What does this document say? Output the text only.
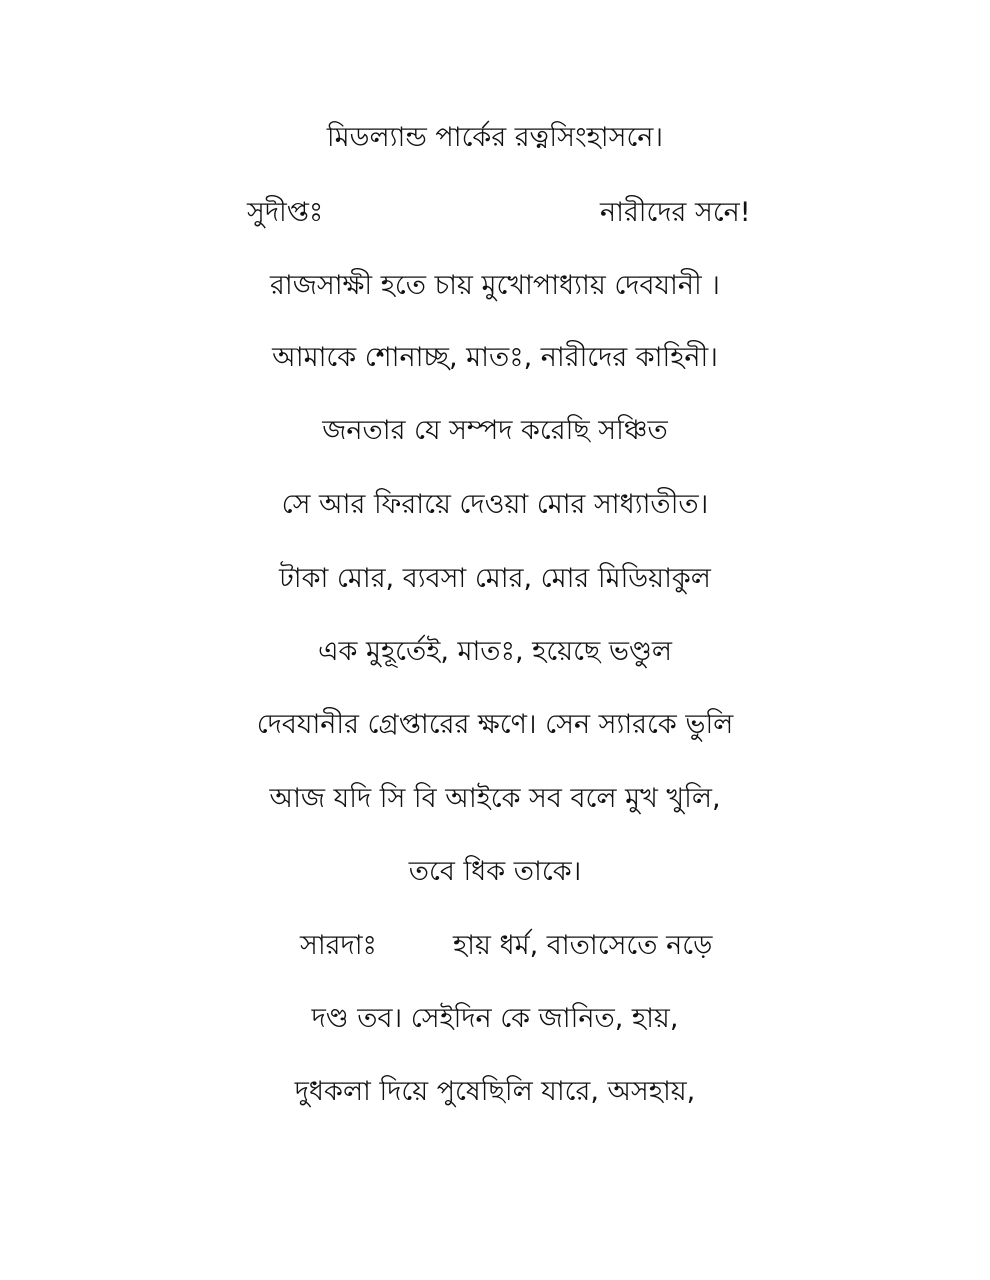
মিডল্যান্ড পার্কের রত্নসিংহাসনে।
সুদীপ্তঃ	নারীদের সনে!
রাজসাক্ষী হতে চায় মুখোপাধ্যায় দেবযানী ।
আমাকে শোনাচ্ছ, মাতঃ, নারীদের কাহিনী।
জনতার যে সম্পদ করেছি সঞ্চিত
সে আর ফিরায়ে দেওয়া মোর সাধ্যাতীত।
টাকা মোর, ব্যবসা মোর, মোর মিডিয়াকুল
এক মুহূর্তেই, মাতঃ, হয়েছে ভণ্ডুল
দেবযানীর গ্রেপ্তারের ক্ষণে। সেন স্যারকে ভুলি
আজ যদি সি বি আইকে সব বলে মুখ খুলি,
তবে ধিক তাকে।
সারদাঃ	হায় ধর্ম, বাতাসেতে নড়ে
দণ্ড তব। সেইদিন কে জানিত, হায়,
দুধকলা দিয়ে পুষেছিলি যারে, অসহায়,
